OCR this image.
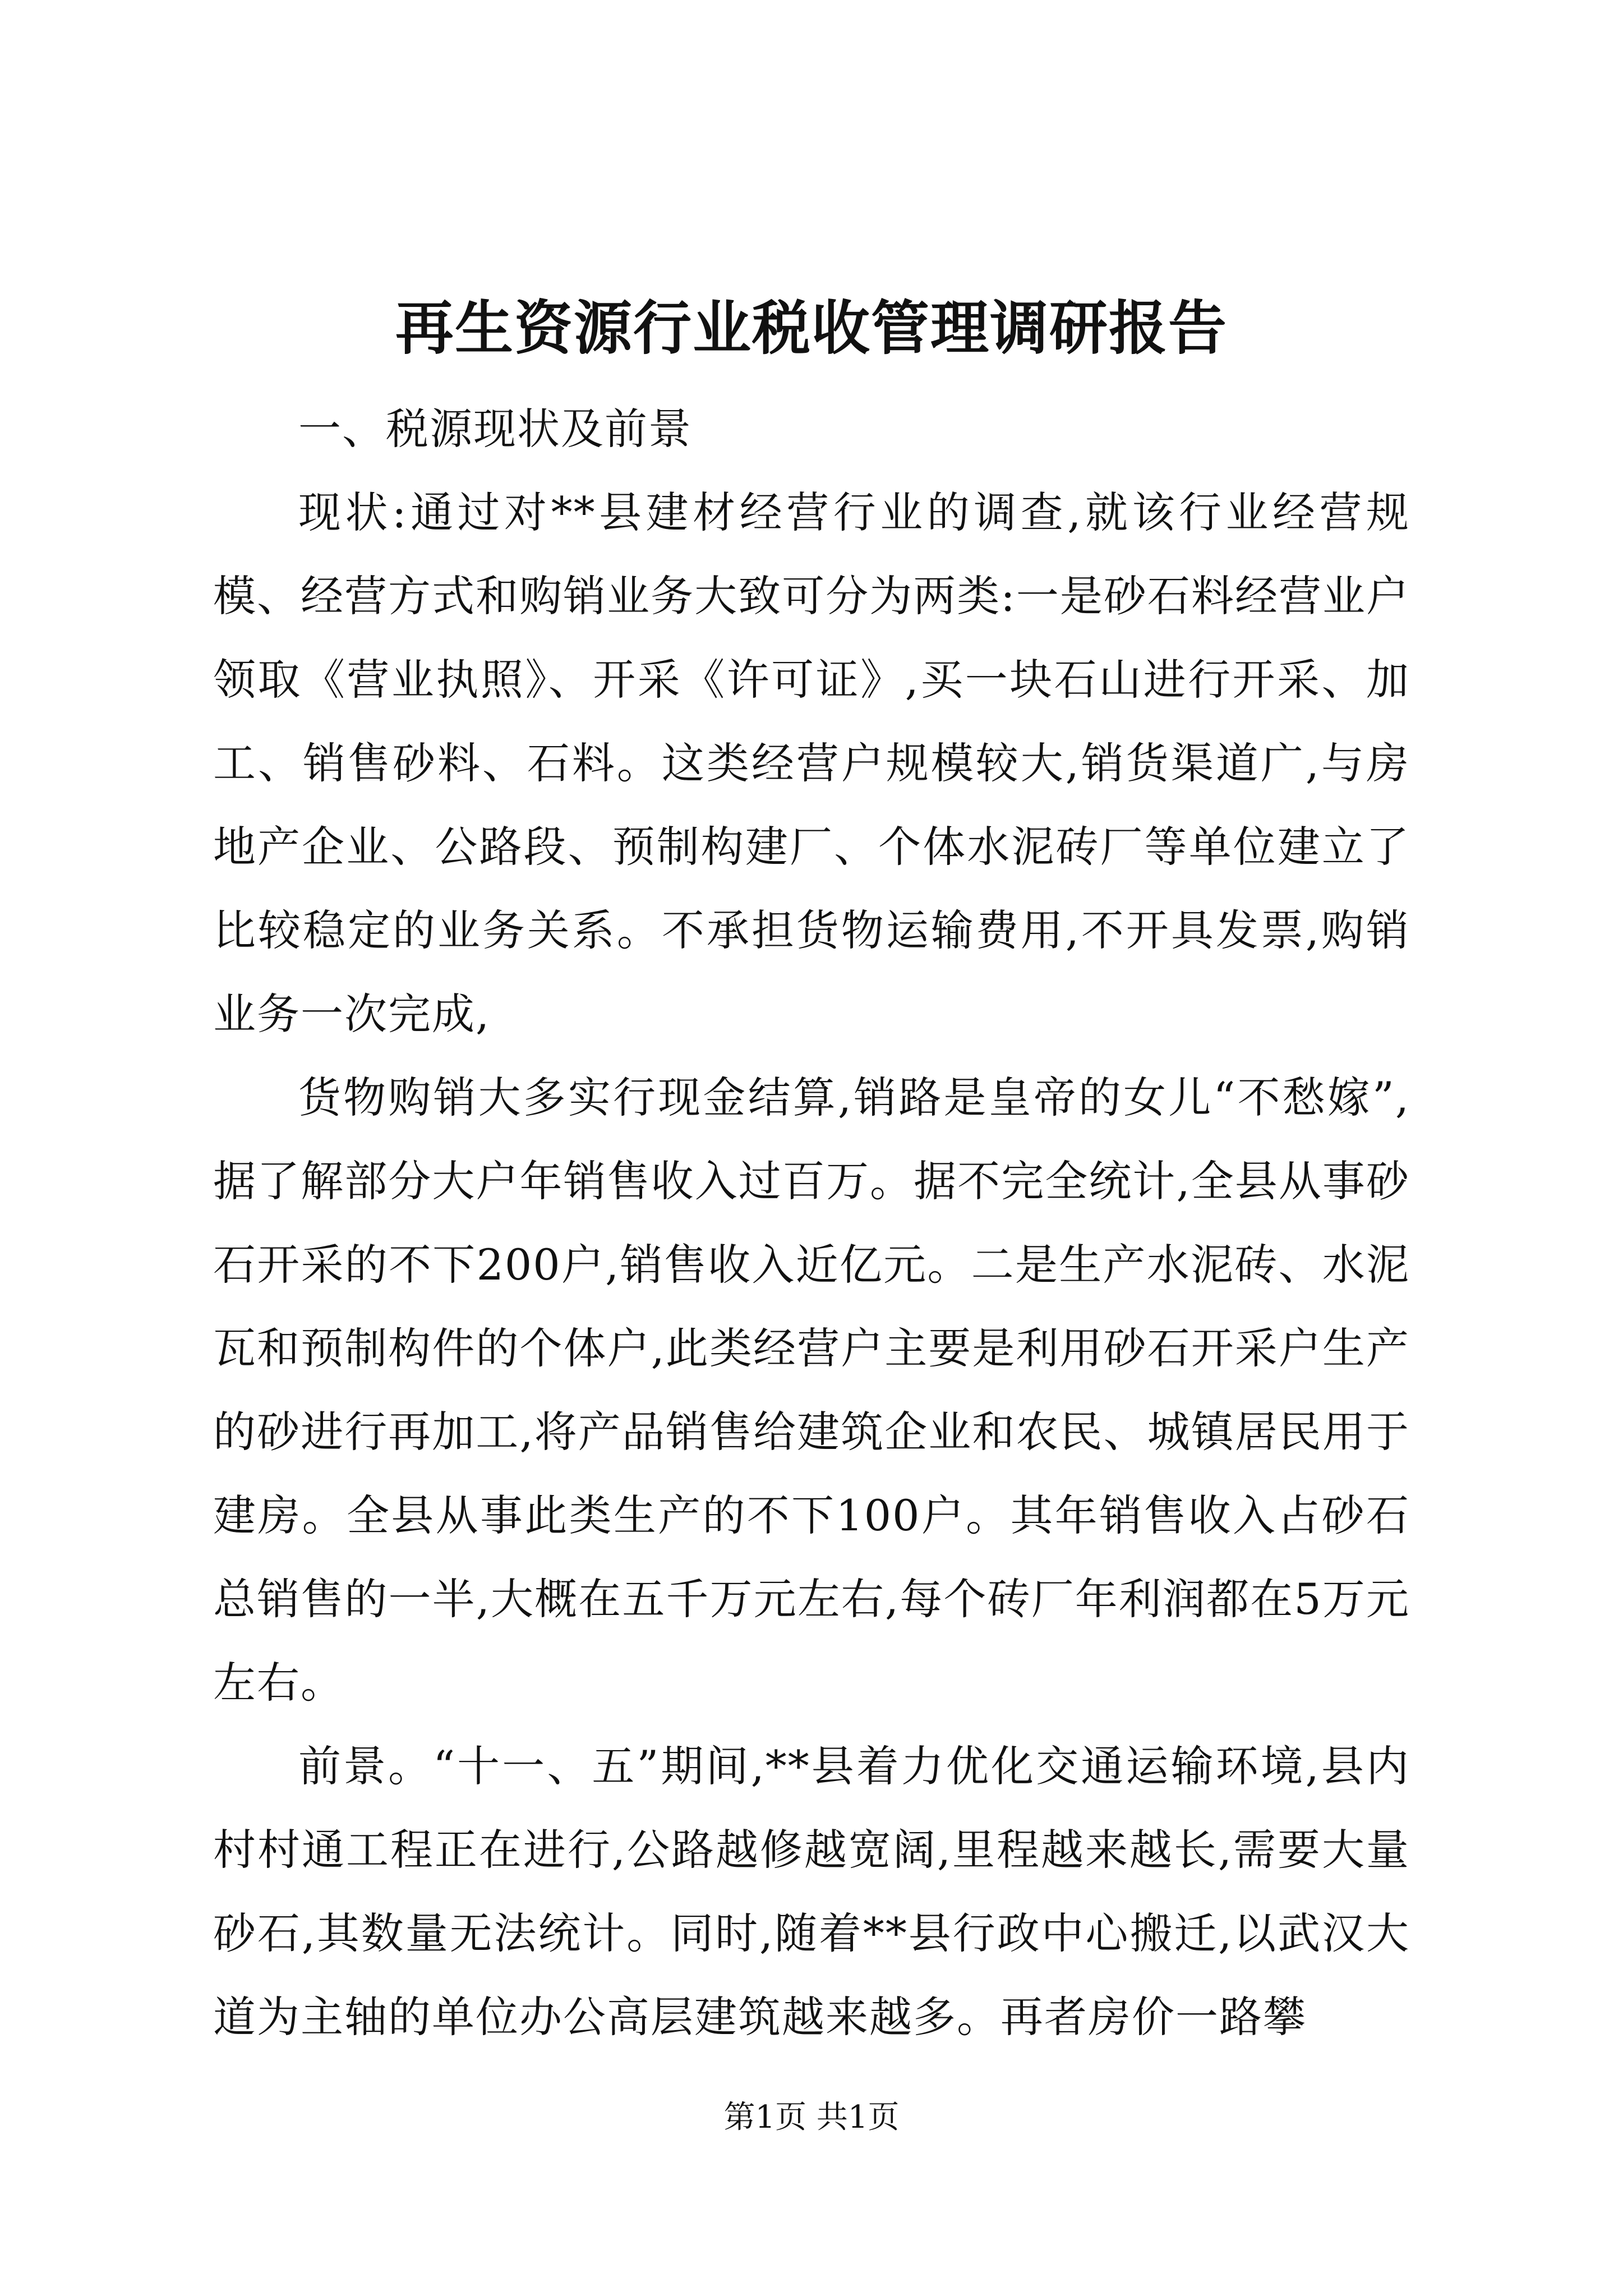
再生资源行业税收管理调研报告

一、税源现状及前景

现状:通过对**县建材经营行业的调查,就该行业经营规模、经营方式和购销业务大致可分为两类:一是砂石料经营业户领取《营业执照》、开采《许可证》,买一块石山进行开采、加工、销售砂料、石料。这类经营户规模较大,销货渠道广,与房地产企业、公路段、预制构建厂、个体水泥砖厂等单位建立了比较稳定的业务关系。不承担货物运输费用,不开具发票,购销业务一次完成,

货物购销大多实行现金结算,销路是皇帝的女儿“不愁嫁”,据了解部分大户年销售收入过百万。据不完全统计,全县从事砂石开采的不下200户,销售收入近亿元。二是生产水泥砖、水泥瓦和预制构件的个体户,此类经营户主要是利用砂石开采户生产的砂进行再加工,将产品销售给建筑企业和农民、城镇居民用于建房。全县从事此类生产的不下100户。其年销售收入占砂石总销售的一半,大概在五千万元左右,每个砖厂年利润都在5万元左右。

前景。“十一、五”期间,**县着力优化交通运输环境,县内村村通工程正在进行,公路越修越宽阔,里程越来越长,需要大量砂石,其数量无法统计。同时,随着**县行政中心搬迁,以武汉大道为主轴的单位办公高层建筑越来越多。再者房价一路攀

第1页 共1页
